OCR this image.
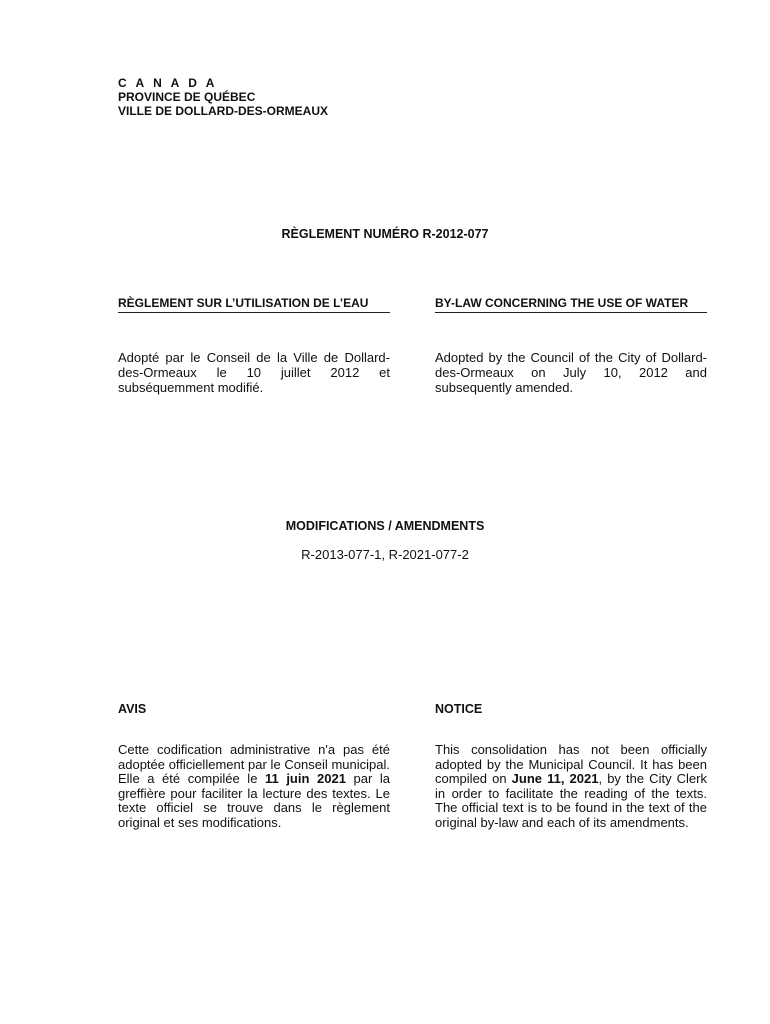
C A N A D A
PROVINCE DE QUÉBEC
VILLE DE DOLLARD-DES-ORMEAUX
RÈGLEMENT NUMÉRO R-2012-077
RÈGLEMENT SUR L’UTILISATION DE L’EAU	BY-LAW CONCERNING THE USE OF WATER
Adopté par le Conseil de la Ville de Dollard-des-Ormeaux le 10 juillet 2012 et subséquemment modifié.
Adopted by the Council of the City of Dollard-des-Ormeaux on July 10, 2012 and subsequently amended.
MODIFICATIONS / AMENDMENTS
R-2013-077-1, R-2021-077-2
AVIS	NOTICE
Cette codification administrative n'a pas été adoptée officiellement par le Conseil municipal. Elle a été compilée le 11 juin 2021 par la greffière pour faciliter la lecture des textes. Le texte officiel se trouve dans le règlement original et ses modifications.
This consolidation has not been officially adopted by the Municipal Council. It has been compiled on June 11, 2021, by the City Clerk in order to facilitate the reading of the texts. The official text is to be found in the text of the original by-law and each of its amendments.
